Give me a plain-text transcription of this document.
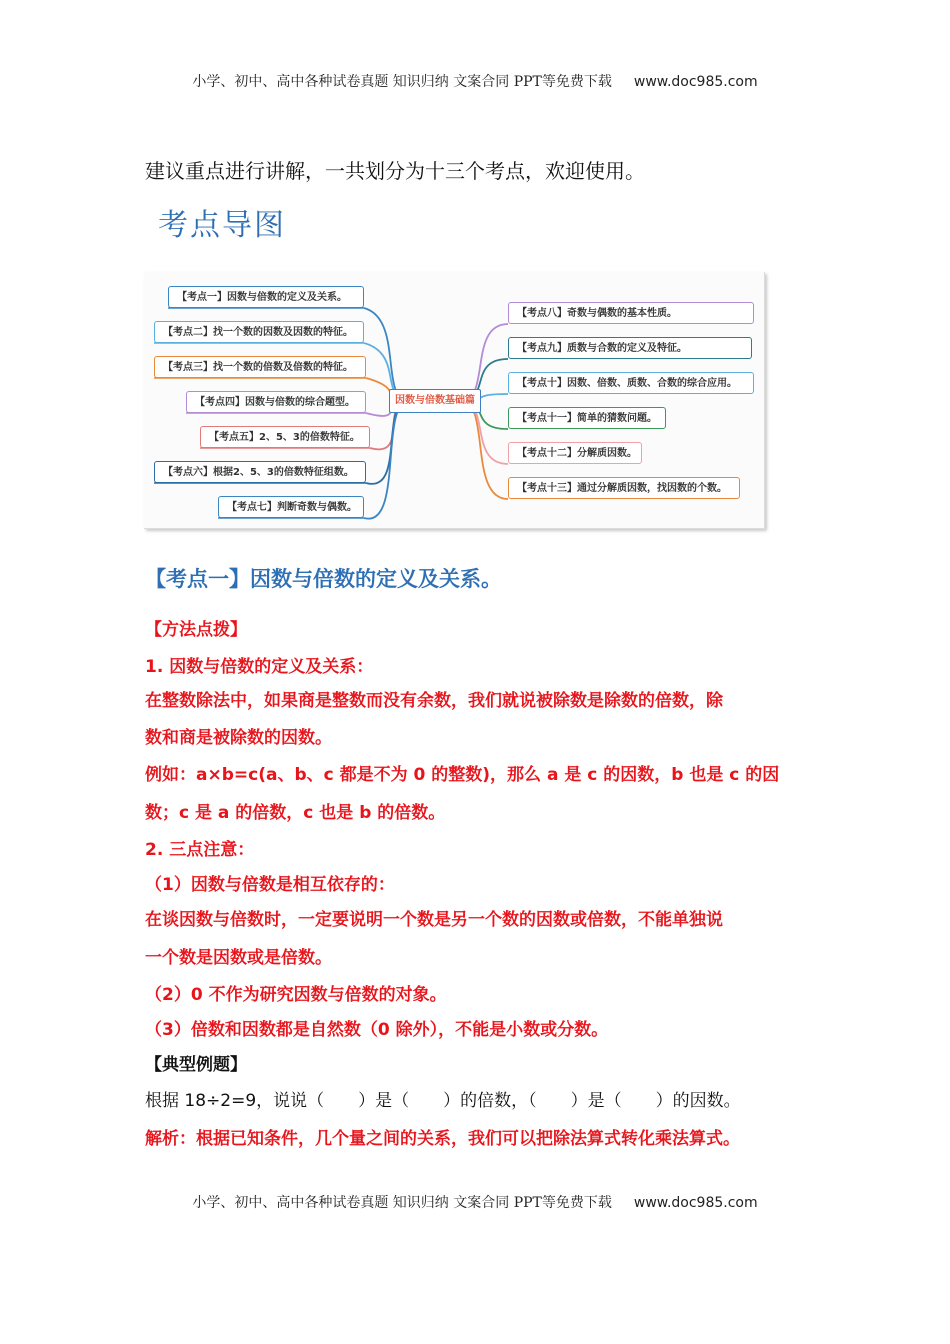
小学、初中、高中各种试卷真题 知识归纳 文案合同 PPT等免费下载 www.doc985.com
建议重点进行讲解，一共划分为十三个考点，欢迎使用。
考点导图
因数与倍数基础篇
【考点一】因数与倍数的定义及关系。
【考点二】找一个数的因数及因数的特征。
【考点三】找一个数的倍数及倍数的特征。
【考点四】因数与倍数的综合题型。
【考点五】2、5、3的倍数特征。
【考点六】根据2、5、3的倍数特征组数。
【考点七】判断奇数与偶数。
【考点八】奇数与偶数的基本性质。
【考点九】质数与合数的定义及特征。
【考点十】因数、倍数、质数、合数的综合应用。
【考点十一】简单的猜数问题。
【考点十二】分解质因数。
【考点十三】通过分解质因数，找因数的个数。
【考点一】因数与倍数的定义及关系。
【方法点拨】
1. 因数与倍数的定义及关系：
在整数除法中，如果商是整数而没有余数，我们就说被除数是除数的倍数，除
数和商是被除数的因数。
例如：a×b=c(a、b、c 都是不为 0 的整数)，那么 a 是 c 的因数，b 也是 c 的因
数；c 是 a 的倍数，c 也是 b 的倍数。
2. 三点注意：
（1）因数与倍数是相互依存的：
在谈因数与倍数时，一定要说明一个数是另一个数的因数或倍数，不能单独说
一个数是因数或是倍数。
（2）0 不作为研究因数与倍数的对象。
（3）倍数和因数都是自然数（0 除外），不能是小数或分数。
【典型例题】
根据 18÷2=9，说说（　　）是（　　）的倍数，（　　）是（　　）的因数。
解析：根据已知条件，几个量之间的关系，我们可以把除法算式转化乘法算式。
小学、初中、高中各种试卷真题 知识归纳 文案合同 PPT等免费下载 www.doc985.com
